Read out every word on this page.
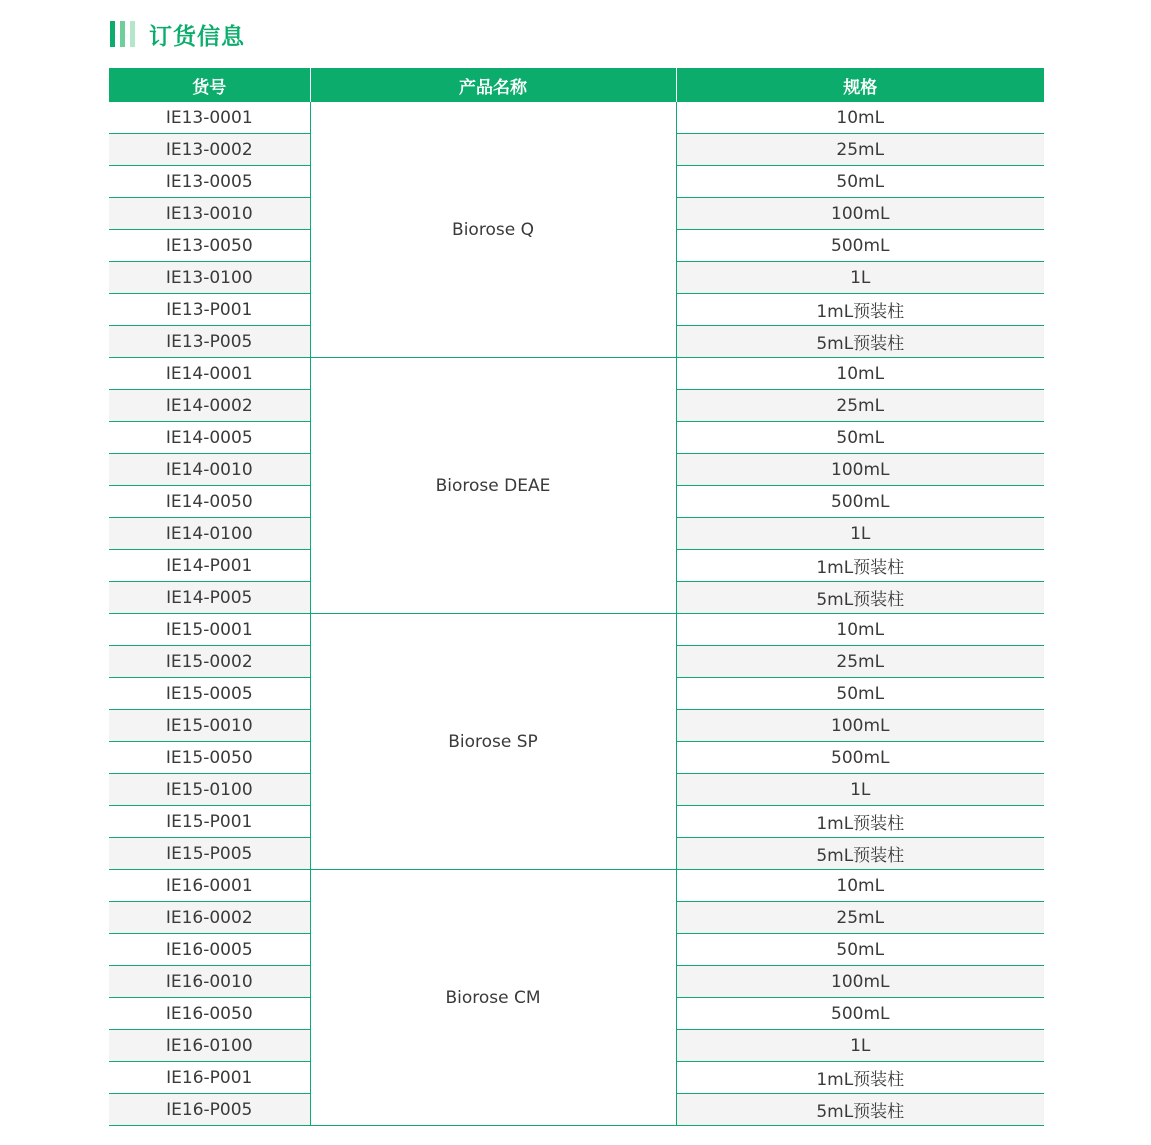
订货信息
货号	产品名称	规格
IE13-0001	Biorose Q	10mL
IE13-0002		25mL
IE13-0005		50mL
IE13-0010		100mL
IE13-0050		500mL
IE13-0100		1L
IE13-P001		1mL预装柱
IE13-P005		5mL预装柱
IE14-0001	Biorose DEAE	10mL
IE14-0002		25mL
IE14-0005		50mL
IE14-0010		100mL
IE14-0050		500mL
IE14-0100		1L
IE14-P001		1mL预装柱
IE14-P005		5mL预装柱
IE15-0001	Biorose SP	10mL
IE15-0002		25mL
IE15-0005		50mL
IE15-0010		100mL
IE15-0050		500mL
IE15-0100		1L
IE15-P001		1mL预装柱
IE15-P005		5mL预装柱
IE16-0001	Biorose CM	10mL
IE16-0002		25mL
IE16-0005		50mL
IE16-0010		100mL
IE16-0050		500mL
IE16-0100		1L
IE16-P001		1mL预装柱
IE16-P005		5mL预装柱
